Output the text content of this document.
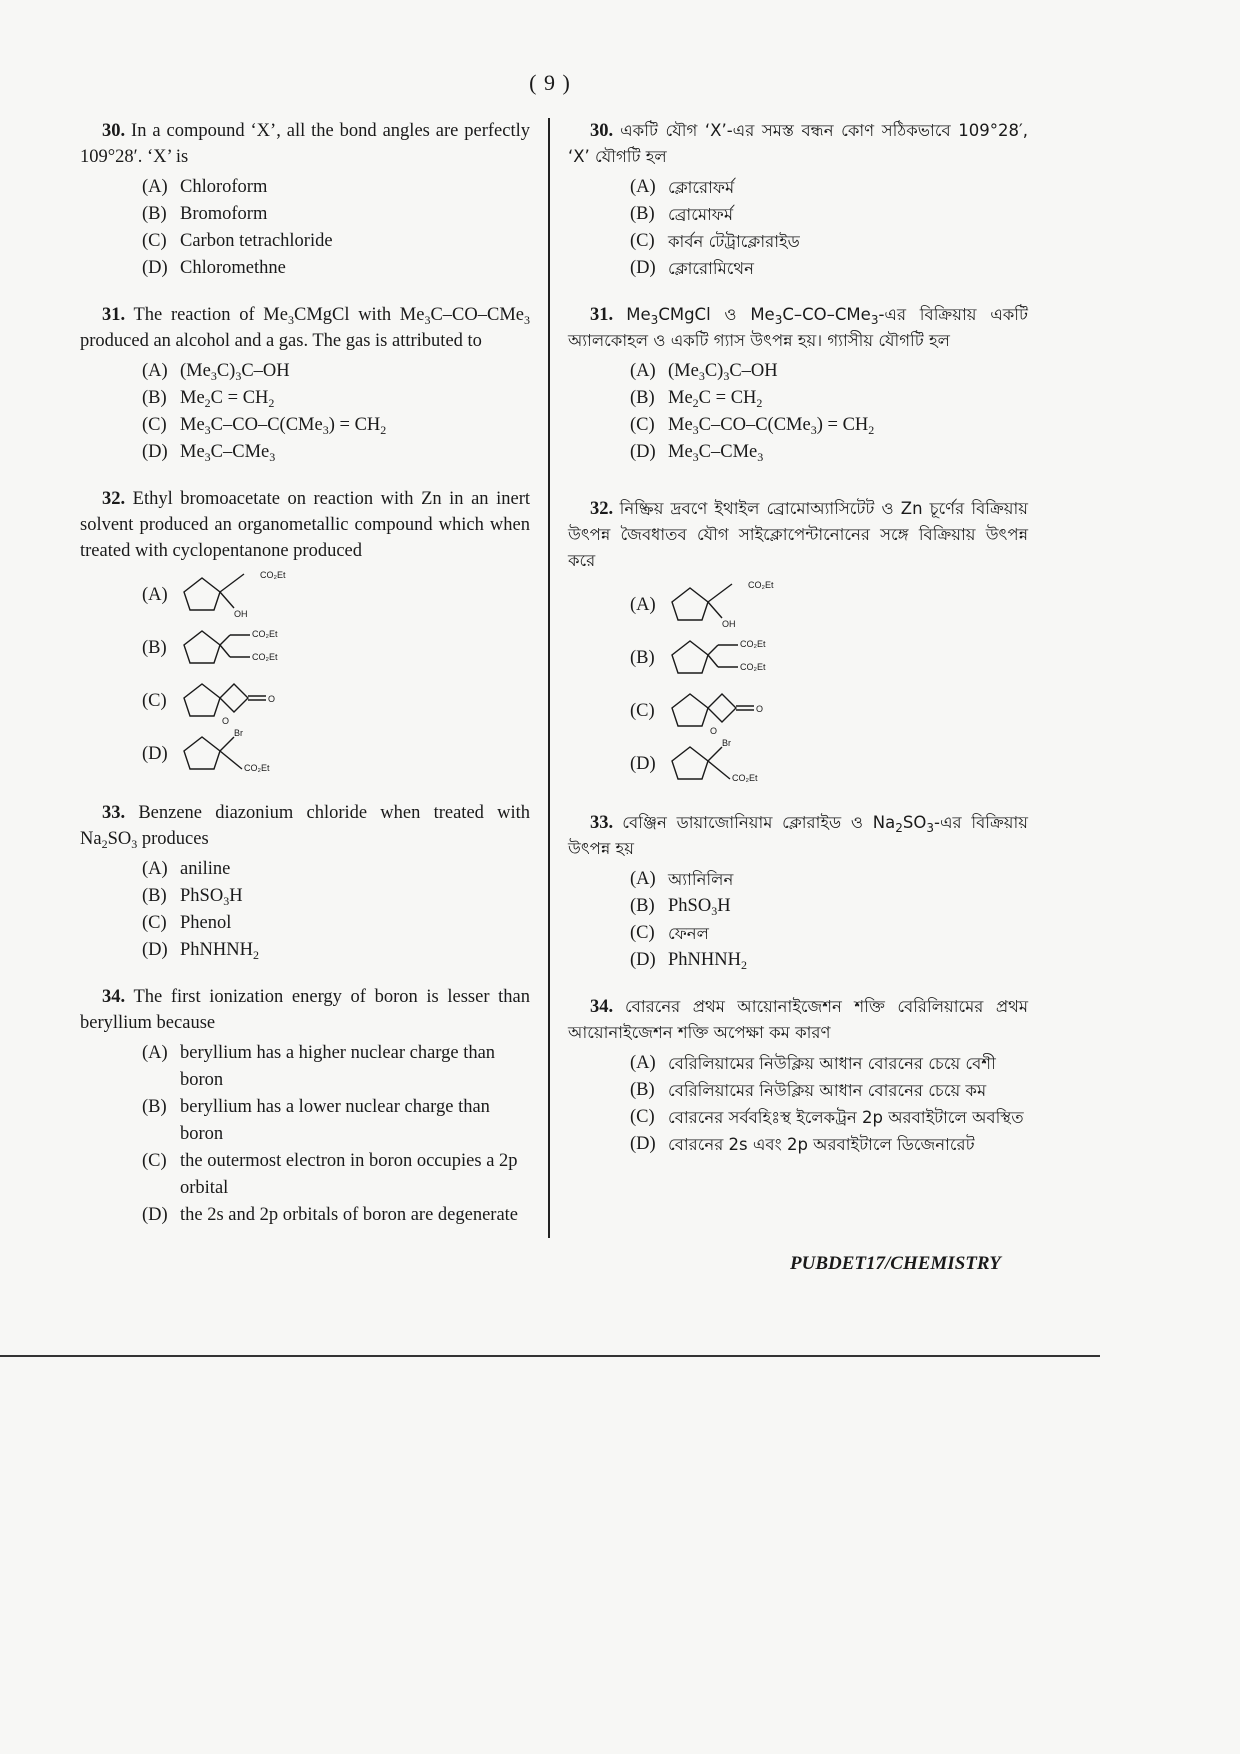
( 9 )

30. In a compound ‘X’, all the bond angles are perfectly 109°28′. ‘X’ is

(A) Chloroform
(B) Bromoform
(C) Carbon tetrachloride
(D) Chloromethne

31. The reaction of $Me_3CMgCl$ with $Me_3C-CO-CMe_3$ produced an alcohol and a gas. The gas is attributed to

(A) $(Me_3C)_3C-OH$
(B) $Me_2C = CH_2$
(C) $Me_3C-CO-C(CMe_3) = CH_2$
(D) $Me_3C-CMe_3$

32. Ethyl bromoacetate on reaction with Zn in an inert solvent produced an organometallic compound which when treated with cyclopentanone produced

(A)
CO₂Et
OH
(B)
CO₂Et
CO₂Et
(C)	O
O
(D)
Br
CO₂Et

33. Benzene diazonium chloride when treated with $Na_2SO_3$ produces

(A) aniline
(B) PhSO$_3$H
(C) Phenol
(D) PhNHNH$_2$

34. The first ionization energy of boron is lesser than beryllium because

(A) beryllium has a higher nuclear charge than boron
(B) beryllium has a lower nuclear charge than boron
(C) the outermost electron in boron occupies a 2p orbital
(D) the 2s and 2p orbitals of boron are degenerate

30. একটি যৌগ ‘X’-এর সমস্ত বন্ধন কোণ সঠিকভাবে 109°28′, ‘X’ যৌগটি হল

(A) ক্লোরোফর্ম
(B) ব্রোমোফর্ম
(C) কার্বন টেট্রাক্লোরাইড
(D) ক্লোরোমিথেন

31. $Me_3CMgCl$ ও $Me_3C-CO-CMe_3-এর$ বিক্রিয়ায় একটি অ্যালকোহল ও একটি গ্যাস উৎপন্ন হয়। গ্যাসীয় যৌগটি হল

(A) $(Me_3C)_3C-OH$
(B) $Me_2C = CH_2$
(C) $Me_3C-CO-C(CMe_3) = CH_2$
(D) $Me_3C-CMe_3$

32. নিষ্ক্রিয় দ্রবণে ইথাইল ব্রোমোঅ্যাসিটেট ও Zn চূর্ণের বিক্রিয়ায় উৎপন্ন জৈবধাতব যৌগ সাইক্লোপেন্টানোনের সঙ্গে বিক্রিয়ায় উৎপন্ন করে

(A)
CO₂Et
OH
(B)
CO₂Et
CO₂Et
(C)	O
O
(D)
Br
CO₂Et

33. বেঞ্জিন ডায়াজোনিয়াম ক্লোরাইড ও $Na_2SO_3-এর$ বিক্রিয়ায় উৎপন্ন হয়

(A) অ্যানিলিন
(B) PhSO$_3$H
(C) ফেনল
(D) PhNHNH$_2$

34. বোরনের প্রথম আয়োনাইজেশন শক্তি বেরিলিয়ামের প্রথম আয়োনাইজেশন শক্তি অপেক্ষা কম কারণ

(A) বেরিলিয়ামের নিউক্লিয় আধান বোরনের চেয়ে বেশী
(B) বেরিলিয়ামের নিউক্লিয় আধান বোরনের চেয়ে কম
(C) বোরনের সর্ববহিঃস্থ ইলেকট্রন 2p অরবাইটালে অবস্থিত
(D) বোরনের 2s এবং 2p অরবাইটালে ডিজেনারেট
PUBDET17/CHEMISTRY
